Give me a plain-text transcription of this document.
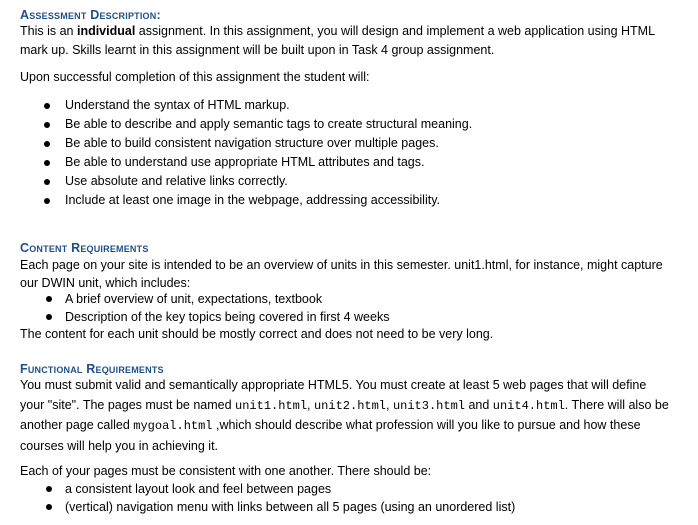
Assessment Description:

This is an individual assignment. In this assignment, you will design and implement a web application using HTML mark up. Skills learnt in this assignment will be built upon in Task 4 group assignment.

Upon successful completion of this assignment the student will:

Understand the syntax of HTML markup.
Be able to describe and apply semantic tags to create structural meaning.
Be able to build consistent navigation structure over multiple pages.
Be able to understand use appropriate HTML attributes and tags.
Use absolute and relative links correctly.
Include at least one image in the webpage, addressing accessibility.
Content Requirements

Each page on your site is intended to be an overview of units in this semester. unit1.html, for instance, might capture our DWIN unit, which includes:

A brief overview of unit, expectations, textbook
Description of the key topics being covered in first 4 weeks

The content for each unit should be mostly correct and does not need to be very long.

Functional Requirements

You must submit valid and semantically appropriate HTML5. You must create at least 5 web pages that will define your "site". The pages must be named unit1.html, unit2.html, unit3.html and unit4.html. There will also be another page called mygoal.html ,which should describe what profession will you like to pursue and how these courses will help you in achieving it.

Each of your pages must be consistent with one another. There should be:

a consistent layout look and feel between pages
(vertical) navigation menu with links between all 5 pages (using an unordered list)
